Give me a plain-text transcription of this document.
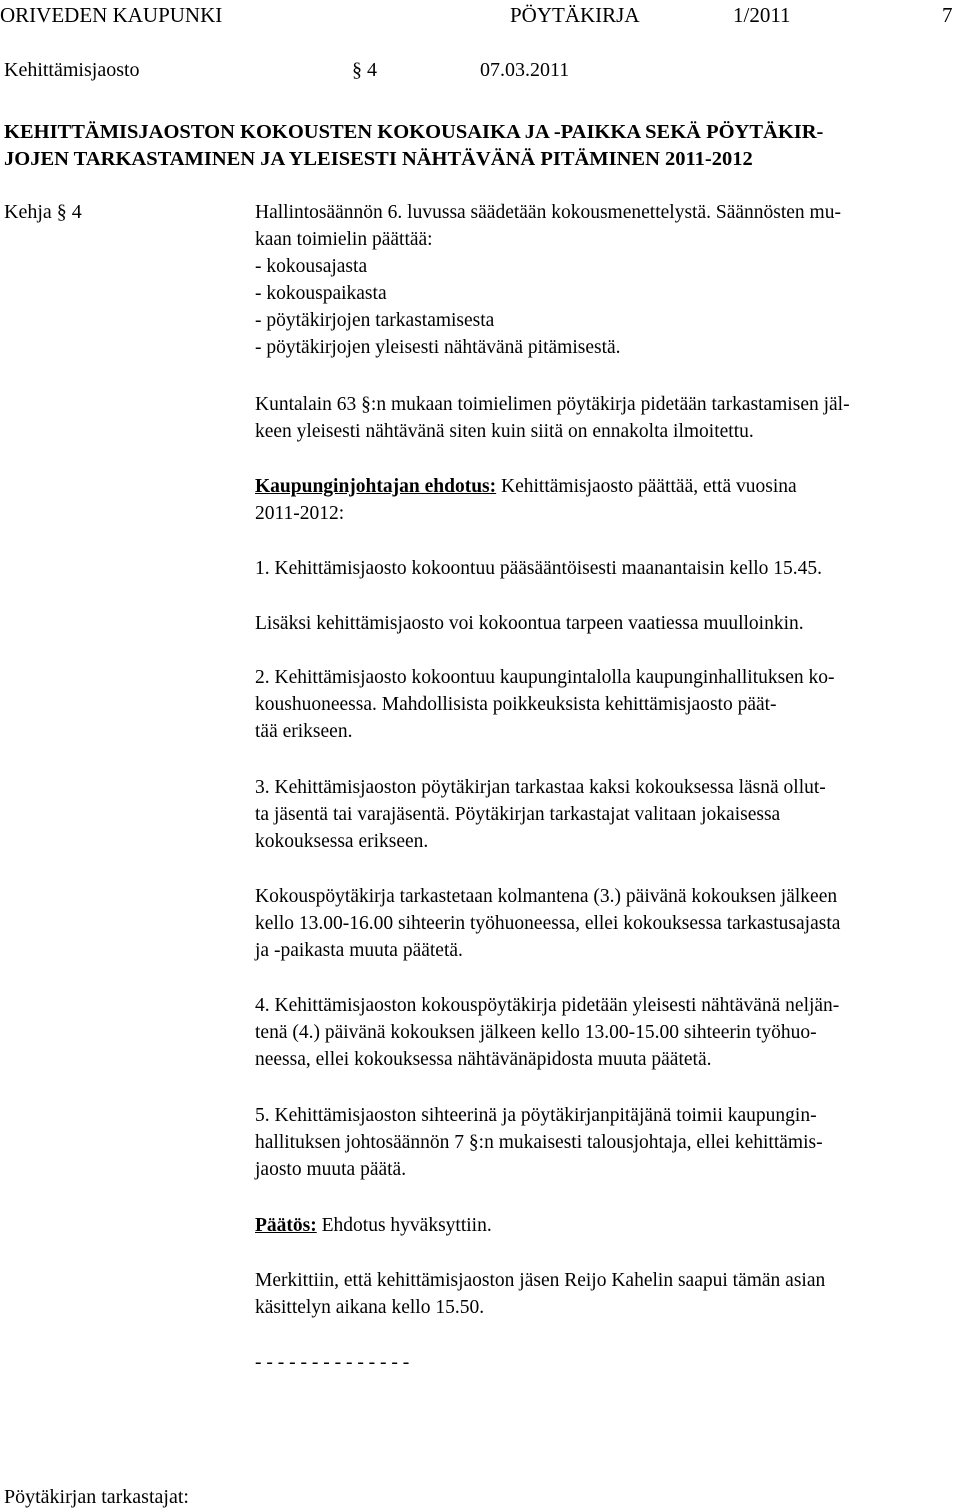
ORIVEDEN KAUPUNKI	PÖYTÄKIRJA	1/2011	7
Kehittämisjaosto	§ 4	07.03.2011
KEHITTÄMISJAOSTON KOKOUSTEN KOKOUSAIKA JA -PAIKKA SEKÄ PÖYTÄKIR-
JOJEN TARKASTAMINEN JA YLEISESTI NÄHTÄVÄNÄ PITÄMINEN 2011-2012
Kehja § 4	Hallintosäännön 6. luvussa säädetään kokousmenettelystä. Säännösten mu-
kaan toimielin päättää:
- kokousajasta
- kokouspaikasta
- pöytäkirjojen tarkastamisesta
- pöytäkirjojen yleisesti nähtävänä pitämisestä.
Kuntalain 63 §:n mukaan toimielimen pöytäkirja pidetään tarkastamisen jäl-
keen yleisesti nähtävänä siten kuin siitä on ennakolta ilmoitettu.
Kaupunginjohtajan ehdotus: Kehittämisjaosto päättää, että vuosina
2011-2012:
1. Kehittämisjaosto kokoontuu pääsääntöisesti maanantaisin kello 15.45.
Lisäksi kehittämisjaosto voi kokoontua tarpeen vaatiessa muulloinkin.
2. Kehittämisjaosto kokoontuu kaupungintalolla kaupunginhallituksen ko-
koushuoneessa. Mahdollisista poikkeuksista kehittämisjaosto päät-
tää erikseen.
3. Kehittämisjaoston pöytäkirjan tarkastaa kaksi kokouksessa läsnä ollut-
ta jäsentä tai varajäsentä. Pöytäkirjan tarkastajat valitaan jokaisessa
kokouksessa erikseen.
Kokouspöytäkirja tarkastetaan kolmantena (3.) päivänä kokouksen jälkeen
kello 13.00-16.00 sihteerin työhuoneessa, ellei kokouksessa tarkastusajasta
ja -paikasta muuta päätetä.
4. Kehittämisjaoston kokouspöytäkirja pidetään yleisesti nähtävänä neljän-
tenä (4.) päivänä kokouksen jälkeen kello 13.00-15.00 sihteerin työhuo-
neessa, ellei kokouksessa nähtävänäpidosta muuta päätetä.
5. Kehittämisjaoston sihteerinä ja pöytäkirjanpitäjänä toimii kaupungin-
hallituksen johtosäännön 7 §:n mukaisesti talousjohtaja, ellei kehittämis-
jaosto muuta päätä.
Päätös: Ehdotus hyväksyttiin.
Merkittiin, että kehittämisjaoston jäsen Reijo Kahelin saapui tämän asian
käsittelyn aikana kello 15.50.
- - - - - - - - - - - - - -
Pöytäkirjan tarkastajat:
